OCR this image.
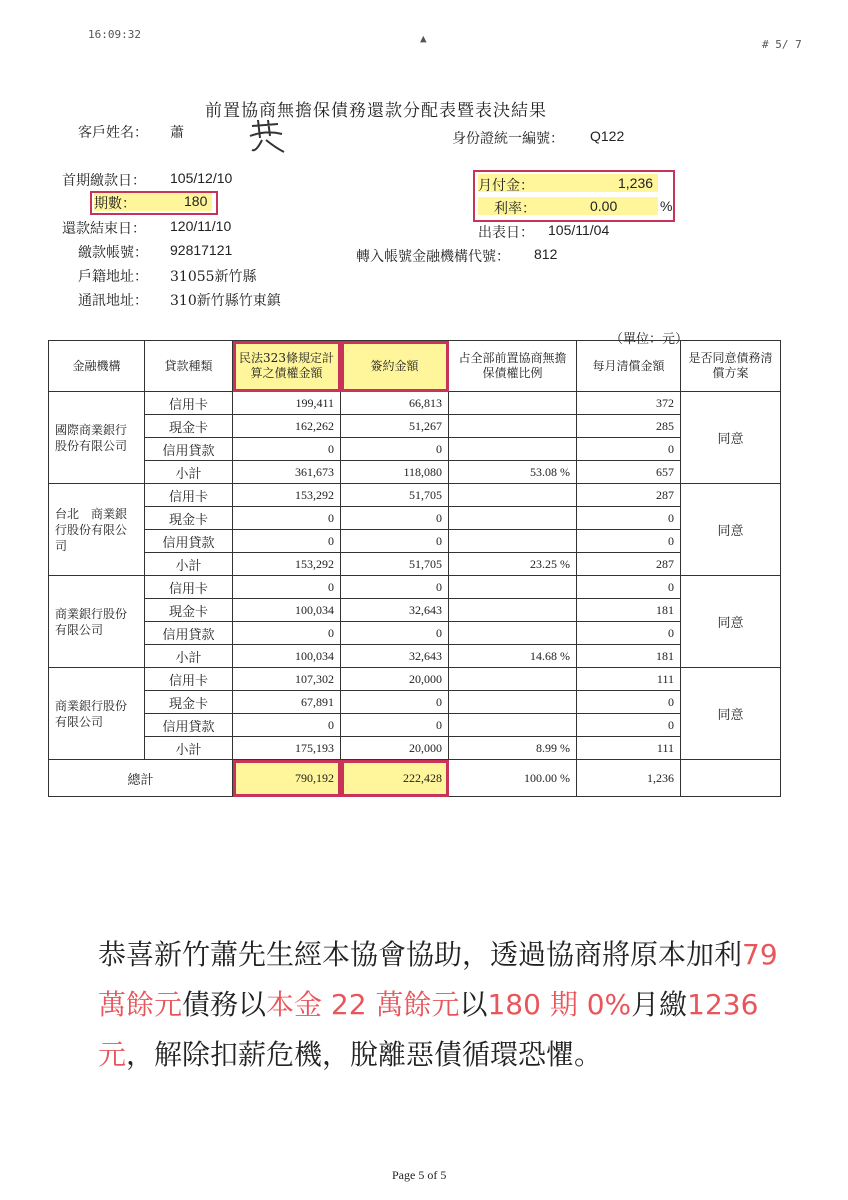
16:09:32	▲	# 5/ 7
前置協商無擔保債務還款分配表暨表決結果
客戶姓名： 蕭	身份證統一編號： Q122
首期繳款日： 105/12/10
期數：	180
還款結束日： 120/11/10
繳款帳號： 92817121
戶籍地址： 31055新竹縣
通訊地址： 310新竹縣竹東鎮
月付金：	1,236
利率：	0.00	%
出表日： 105/11/04
轉入帳號金融機構代號： 812
（單位：元）
金融機構	貸款種類	民法323條規定計算之債權金額	簽約金額	占全部前置協商無擔保債權比例	每月清償金額	是否同意債務清償方案
國際商業銀行股份有限公司	信用卡	199,411	66,813		372	同意
	現金卡	162,262	51,267		285	
	信用貸款	0	0		0	
	小計	361,673	118,080	53.08 %	657	
台北　商業銀行股份有限公司	信用卡	153,292	51,705		287	同意
	現金卡	0	0		0	
	信用貸款	0	0		0	
	小計	153,292	51,705	23.25 %	287	
商業銀行股份有限公司	信用卡	0	0		0	同意
	現金卡	100,034	32,643		181	
	信用貸款	0	0		0	
	小計	100,034	32,643	14.68 %	181	
商業銀行股份有限公司	信用卡	107,302	20,000		111	同意
	現金卡	67,891	0		0	
	信用貸款	0	0		0	
	小計	175,193	20,000	8.99 %	111	
總計		790,192	222,428	100.00 %	1,236	
恭喜新竹蕭先生經本協會協助，透過協商將原本加利79 萬餘元債務以本金 22 萬餘元以180 期 0%月繳1236 元，解除扣薪危機，脫離惡債循環恐懼。
Page 5 of 5
